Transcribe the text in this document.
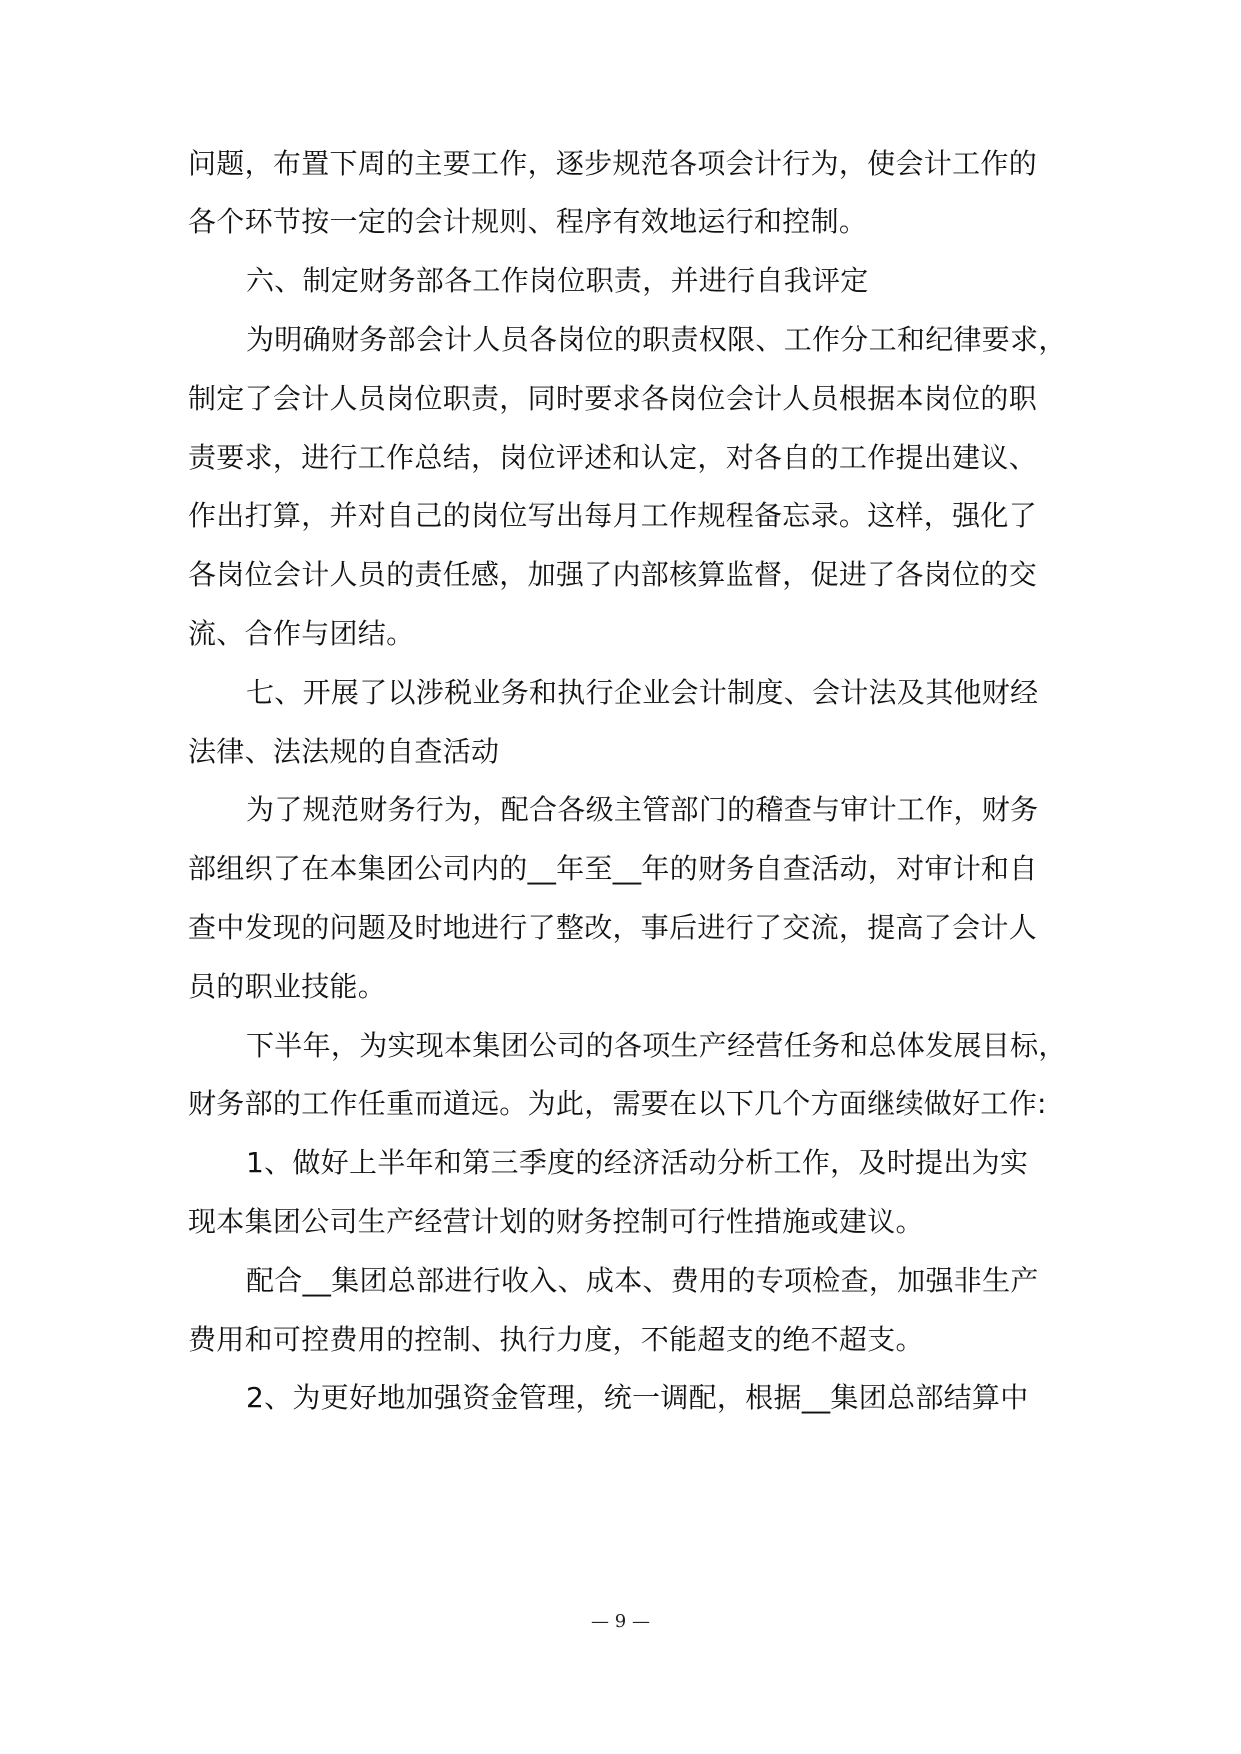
问题，布置下周的主要工作，逐步规范各项会计行为，使会计工作的
各个环节按一定的会计规则、程序有效地运行和控制。
六、制定财务部各工作岗位职责，并进行自我评定
为明确财务部会计人员各岗位的职责权限、工作分工和纪律要求，
制定了会计人员岗位职责，同时要求各岗位会计人员根据本岗位的职
责要求，进行工作总结，岗位评述和认定，对各自的工作提出建议、
作出打算，并对自己的岗位写出每月工作规程备忘录。这样，强化了
各岗位会计人员的责任感，加强了内部核算监督，促进了各岗位的交
流、合作与团结。
七、开展了以涉税业务和执行企业会计制度、会计法及其他财经
法律、法法规的自查活动
为了规范财务行为，配合各级主管部门的稽查与审计工作，财务
部组织了在本集团公司内的__年至__年的财务自查活动，对审计和自
查中发现的问题及时地进行了整改，事后进行了交流，提高了会计人
员的职业技能。
下半年，为实现本集团公司的各项生产经营任务和总体发展目标，
财务部的工作任重而道远。为此，需要在以下几个方面继续做好工作:
1、做好上半年和第三季度的经济活动分析工作，及时提出为实
现本集团公司生产经营计划的财务控制可行性措施或建议。
配合__集团总部进行收入、成本、费用的专项检查，加强非生产
费用和可控费用的控制、执行力度，不能超支的绝不超支。
2、为更好地加强资金管理，统一调配，根据__集团总部结算中
— 9 —
